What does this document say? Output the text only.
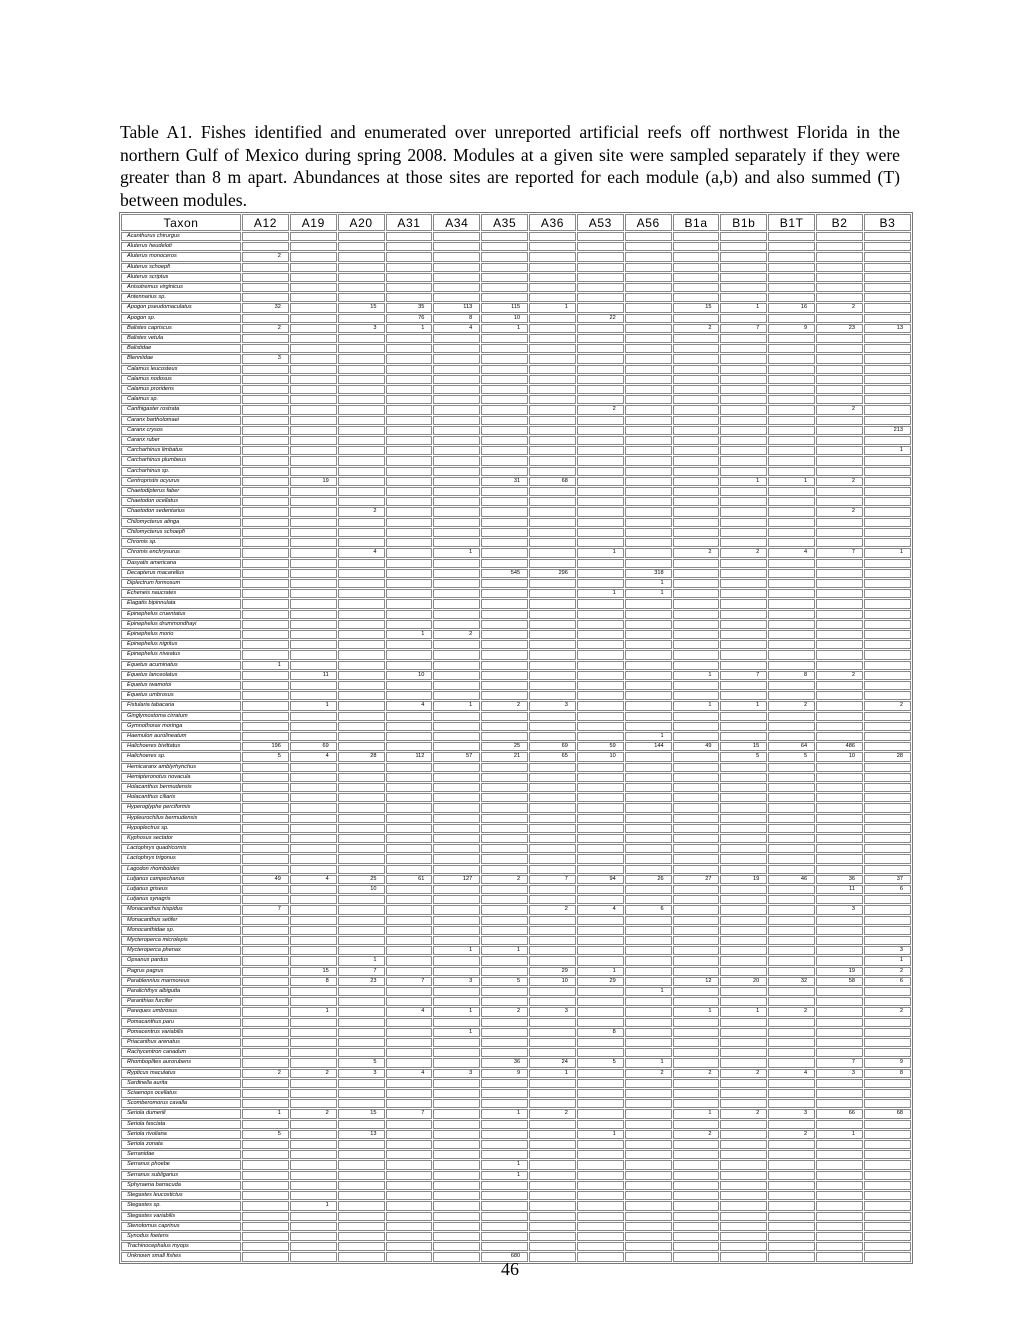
Table A1. Fishes identified and enumerated over unreported artificial reefs off northwest Florida in the northern Gulf of Mexico during spring 2008. Modules at a given site were sampled separately if they were greater than 8 m apart. Abundances at those sites are reported for each module (a,b) and also summed (T) between modules.

Taxon	A12	A19	A20	A31	A34	A35	A36	A53	A56	B1a	B1b	B1T	B2	B3
Acanthurus chirurgus														
Aluterus heudeloti														
Aluterus monoceros	2													
Aluterus schoepfi														
Aluterus scriptus														
Anisotremus virginicus														
Antennarius sp.														
Apogon pseudomaculatus	32		15	35	113	115	1			15	1	16	2	
Apogon sp.				76	8	10		22						
Balistes capriscus	2		3	1	4	1				2	7	9	23	13
Balistes vetula														
Balistidae														
Blenniidae	3													
Calamus leucosteus														
Calamus nodosus														
Calamus proridens														
Calamus sp.														
Canthigaster rostrata								2					2	
Caranx bartholomaei														
Caranx crysos														213
Caranx ruber														
Carcharhinus limbatus														1
Carcharhinus plumbeus														
Carcharhinus sp.														
Centropristis ocyurus		19				31	68				1	1	2	
Chaetodipterus faber														
Chaetodon ocellatus														
Chaetodon sedentarius			2										2	
Chilomycterus atinga														
Chilomycterus schoepfi														
Chromis sp.														
Chromis enchrysurus			4		1			1		2	2	4	7	1
Dasyatis americana														
Decapterus macarellus						545	296		318					
Diplectrum formosum									1					
Echeneis naucrates								1	1					
Elagatis bipinnulata														
Epinephelus cruentatus														
Epinephelus drummondhayi														
Epinephelus morio				1	2									
Epinephelus nigritus														
Epinephelus niveatus														
Equetus acuminatus	1													
Equetus lanceolatus		11		10						1	7	8	2	
Equetus iwamotoi														
Equetus umbrosus														
Fistularia tabacaria		1		4	1	2	3			1	1	2		2
Ginglymostoma cirratum														
Gymnothorax moringa														
Haemulon aurolineatum									1					
Halichoeres bivittatus	196	69				25	69	59	144	49	15	64	486	
Halichoeres sp.	5	4	28	112	57	21	65	10			5	5	10	28
Hemicaranx amblyrhynchus														
Hemipteronotus novacula														
Holacanthus bermudensis														
Holacanthus ciliaris														
Hyperoglyphe perciformis														
Hypleurochilus bermudensis														
Hypoplectrus sp.														
Kyphosus sectator														
Lactophrys quadricornis														
Lactophrys trigonus														
Lagodon rhomboides														
Lutjanus campechanus	49	4	25	61	127	2	7	94	26	27	19	46	36	37
Lutjanus griseus			10										11	6
Lutjanus synagris														
Monacanthus hispidus	7						2	4	6				3	
Monacanthus setifer														
Monocanthidae sp.														
Mycteroperca microlepis														
Mycteroperca phenax					1	1								3
Opsanus pardus			1											1
Pagrus pagrus		15	7				29	1					19	2
Parablennius marmoreus		8	23	7	3	5	10	29		12	20	32	58	6
Paralichthys albigutta									1					
Paranthias furcifer														
Pareques umbrosus		1		4	1	2	3			1	1	2		2
Pomacanthus paru														
Pomacentrus variabilis					1			8						
Priacanthus arenatus														
Rachycentron canadum														
Rhomboplites aurorubens			5			36	24	5	1				7	9
Rypticus maculatus	2	2	3	4	3	9	1		2	2	2	4	3	8
Sardinella aurita														
Sciaenops ocellatus														
Scomberomorus cavalla														
Seriola dumerili	1	2	15	7		1	2			1	2	3	66	68
Seriola fasciata														
Seriola rivoliana	5		13					1		2		2	1	
Seriola zonata														
Serranidae														
Serranus phoebe						1								
Serranus subligarius						1								
Sphyraena barracuda														
Stegastes leucostictus														
Stegastes sp.		1												
Stegastes variabilis														
Stenotomus caprinus														
Synodus foetens														
Trachinocephalus myops														
Unknown small fishes						680								
46
